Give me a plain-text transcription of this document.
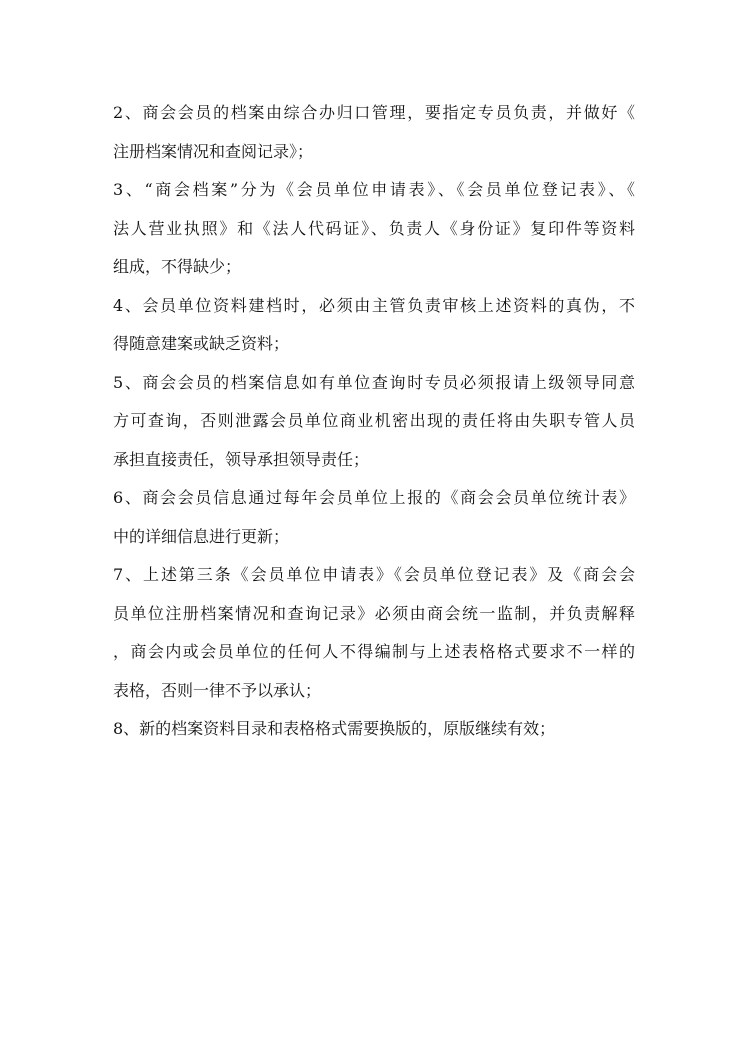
2、商会会员的档案由综合办归口管理，要指定专员负责，并做好《
注册档案情况和查阅记录》；
3、“商会档案”分为《会员单位申请表》、《会员单位登记表》、《
法人营业执照》和《法人代码证》、负责人《身份证》复印件等资料
组成，不得缺少；
4、会员单位资料建档时，必须由主管负责审核上述资料的真伪，不
得随意建案或缺乏资料；
5、商会会员的档案信息如有单位查询时专员必须报请上级领导同意
方可查询，否则泄露会员单位商业机密出现的责任将由失职专管人员
承担直接责任，领导承担领导责任；
6、商会会员信息通过每年会员单位上报的《商会会员单位统计表》
中的详细信息进行更新；
7、上述第三条《会员单位申请表》《会员单位登记表》及《商会会
员单位注册档案情况和查询记录》必须由商会统一监制，并负责解释
，商会内或会员单位的任何人不得编制与上述表格格式要求不一样的
表格，否则一律不予以承认；
8、新的档案资料目录和表格格式需要换版的，原版继续有效；
